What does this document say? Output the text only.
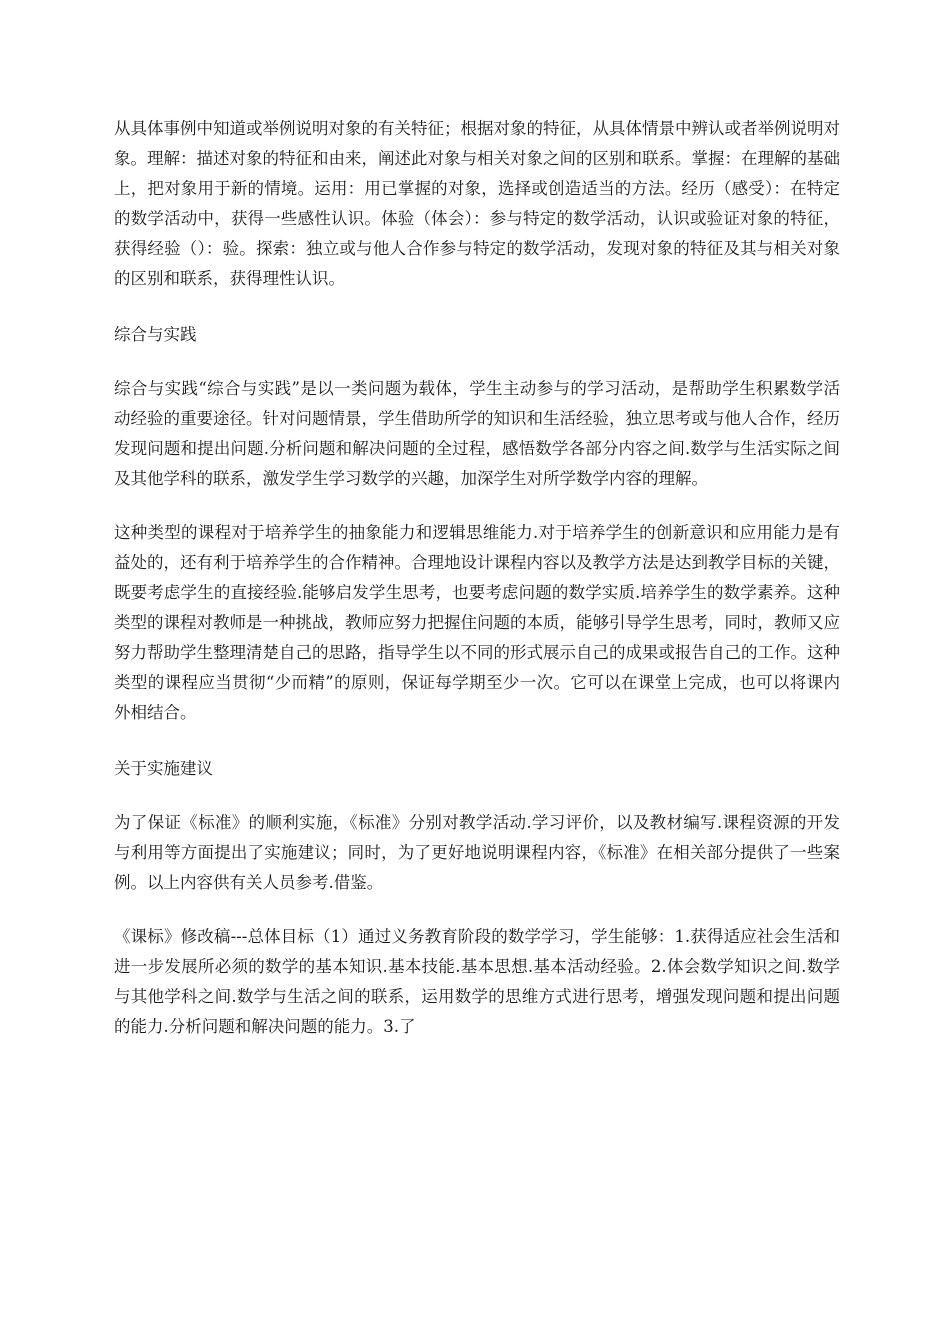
从具体事例中知道或举例说明对象的有关特征；根据对象的特征，从具体情景中辨认或者举例说明对象。理解：描述对象的特征和由来，阐述此对象与相关对象之间的区别和联系。掌握：在理解的基础上，把对象用于新的情境。运用：用已掌握的对象，选择或创造适当的方法。经历（感受）：在特定的数学活动中，获得一些感性认识。体验（体会）：参与特定的数学活动，认识或验证对象的特征，获得经验（）：验。探索：独立或与他人合作参与特定的数学活动，发现对象的特征及其与相关对象的区别和联系，获得理性认识。

综合与实践

综合与实践“综合与实践”是以一类问题为载体，学生主动参与的学习活动，是帮助学生积累数学活动经验的重要途径。针对问题情景，学生借助所学的知识和生活经验，独立思考或与他人合作，经历发现问题和提出问题.分析问题和解决问题的全过程，感悟数学各部分内容之间.数学与生活实际之间及其他学科的联系，激发学生学习数学的兴趣，加深学生对所学数学内容的理解。

这种类型的课程对于培养学生的抽象能力和逻辑思维能力.对于培养学生的创新意识和应用能力是有益处的，还有利于培养学生的合作精神。合理地设计课程内容以及教学方法是达到教学目标的关键，既要考虑学生的直接经验.能够启发学生思考，也要考虑问题的数学实质.培养学生的数学素养。这种类型的课程对教师是一种挑战，教师应努力把握住问题的本质，能够引导学生思考，同时，教师又应努力帮助学生整理清楚自己的思路，指导学生以不同的形式展示自己的成果或报告自己的工作。这种类型的课程应当贯彻“少而精”的原则，保证每学期至少一次。它可以在课堂上完成，也可以将课内外相结合。

关于实施建议

为了保证《标准》的顺利实施，《标准》分别对教学活动.学习评价，以及教材编写.课程资源的开发与利用等方面提出了实施建议；同时，为了更好地说明课程内容，《标准》在相关部分提供了一些案例。以上内容供有关人员参考.借鉴。

《课标》修改稿---总体目标（1）通过义务教育阶段的数学学习，学生能够：1.获得适应社会生活和进一步发展所必须的数学的基本知识.基本技能.基本思想.基本活动经验。2.体会数学知识之间.数学与其他学科之间.数学与生活之间的联系，运用数学的思维方式进行思考，增强发现问题和提出问题的能力.分析问题和解决问题的能力。3.了
